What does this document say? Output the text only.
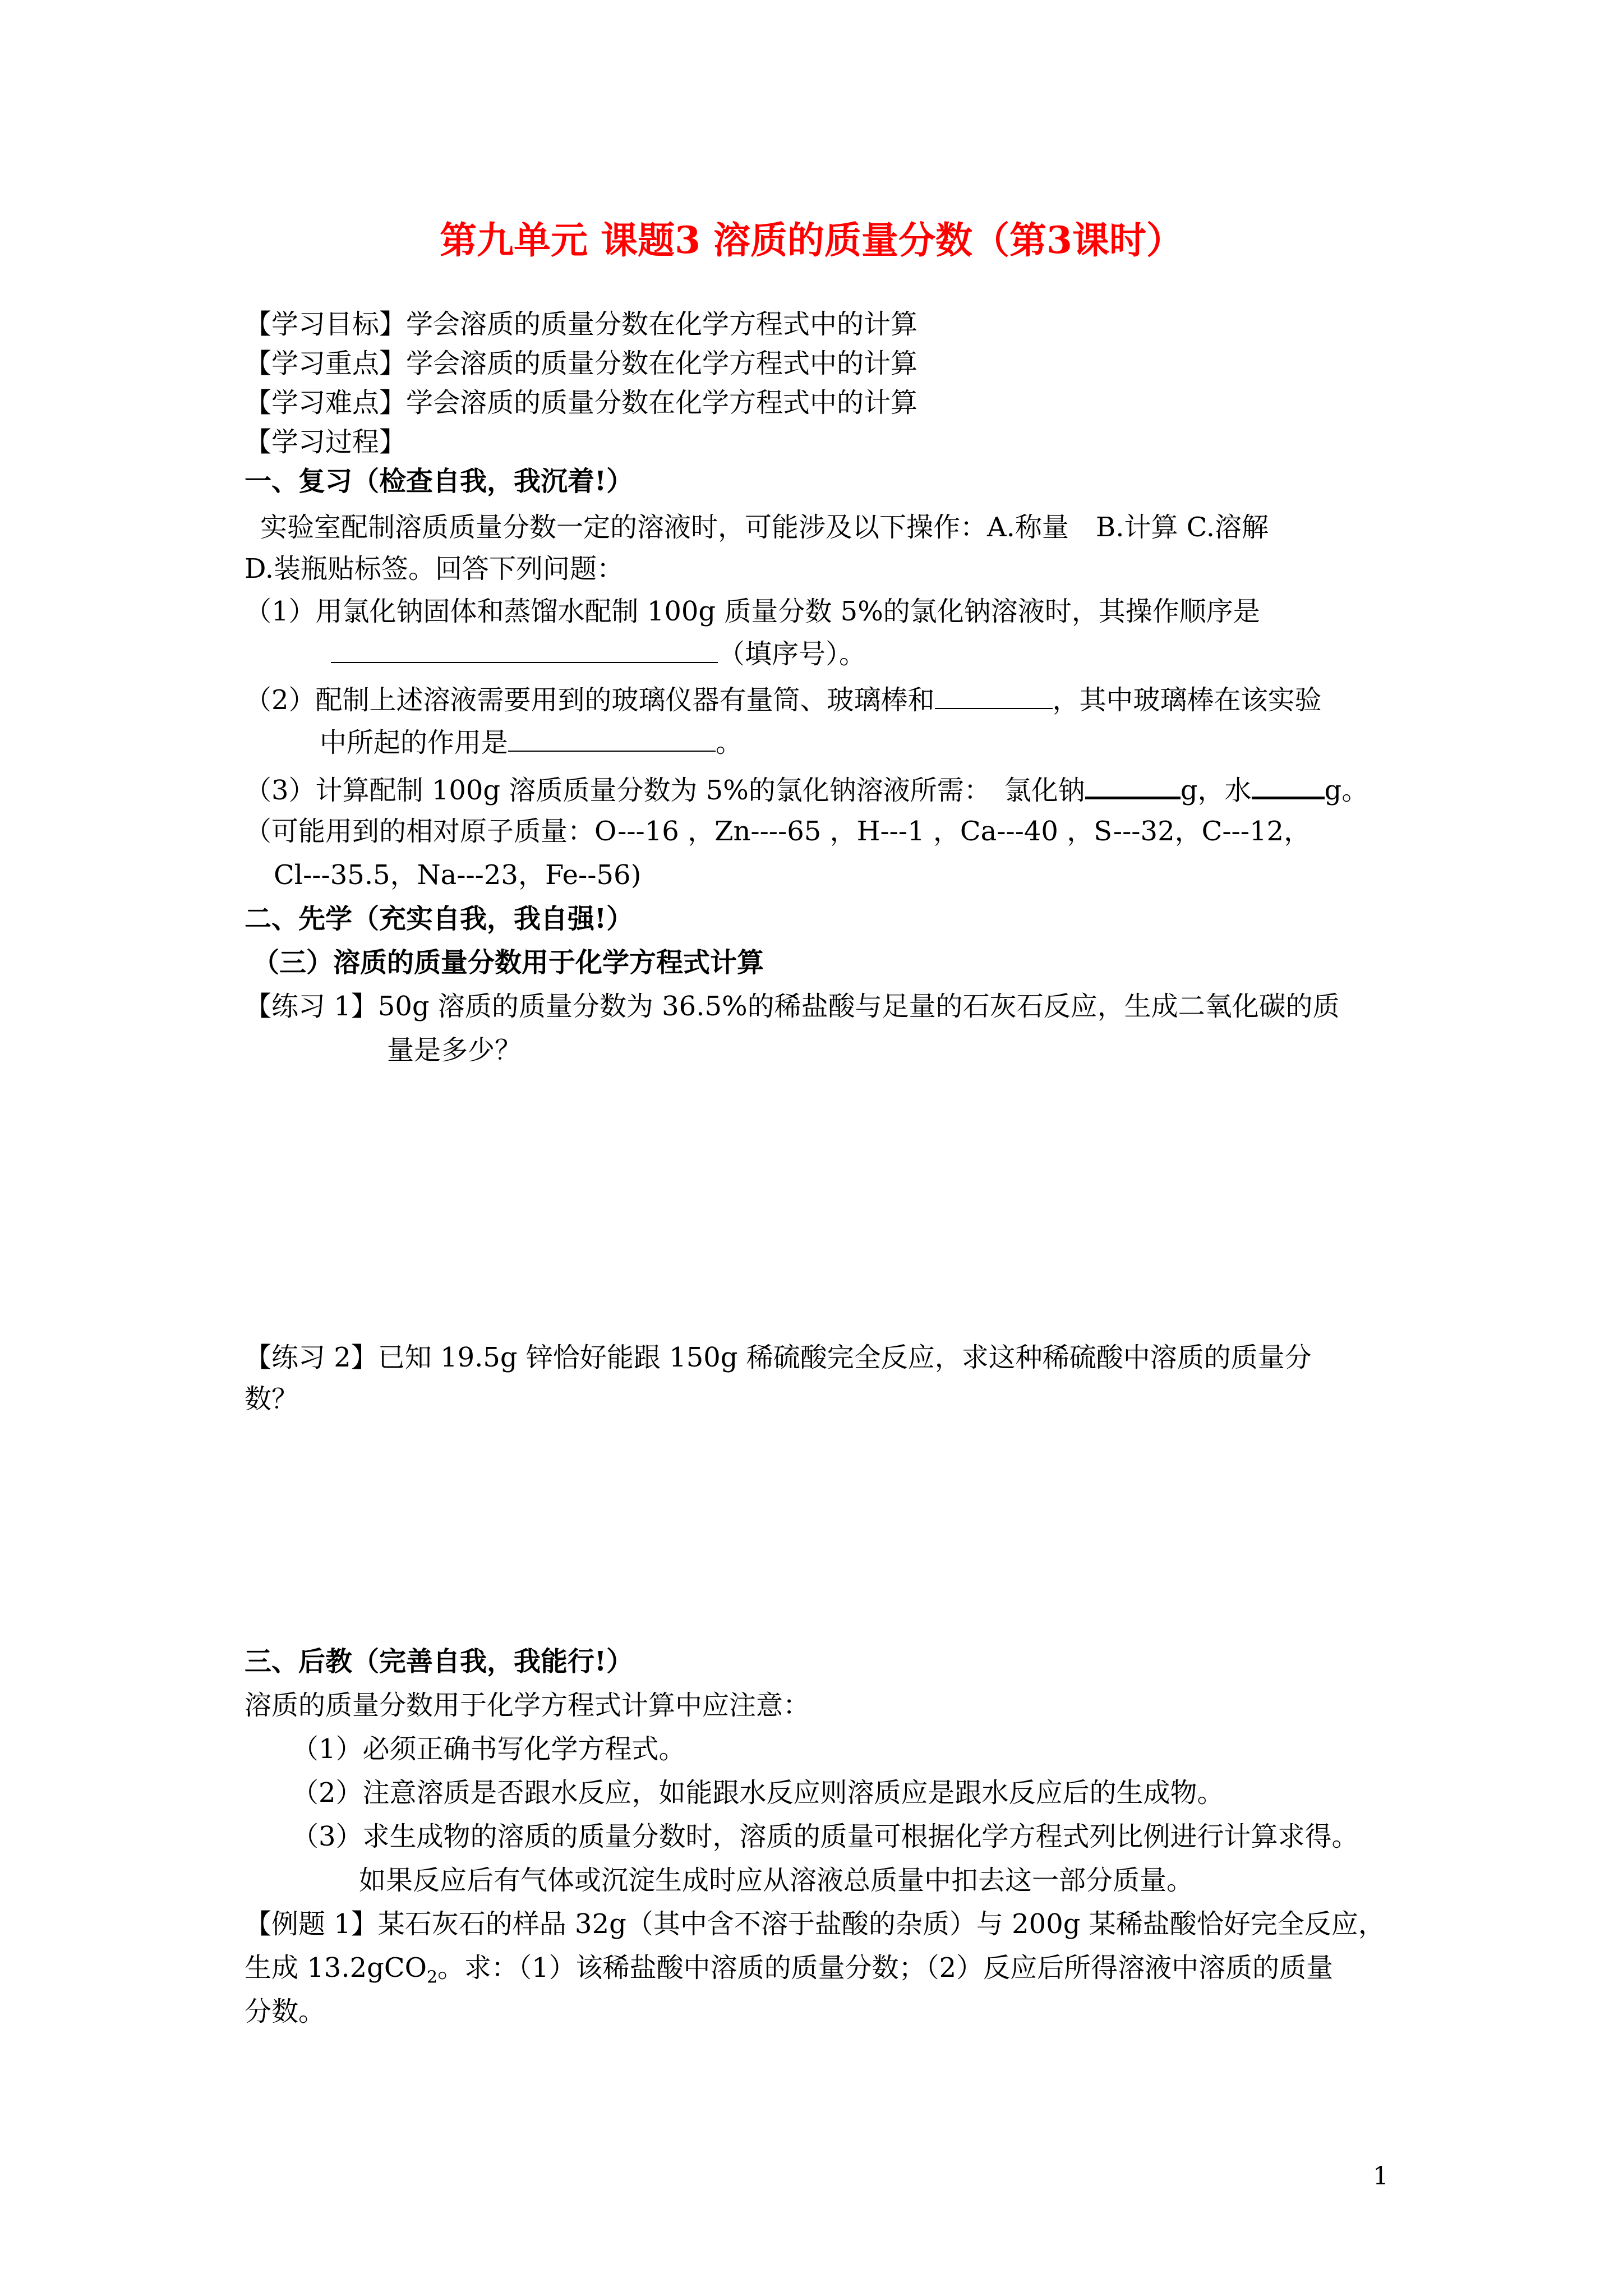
第九单元 课题3 溶质的质量分数（第3课时）
【学习目标】学会溶质的质量分数在化学方程式中的计算
【学习重点】学会溶质的质量分数在化学方程式中的计算
【学习难点】学会溶质的质量分数在化学方程式中的计算
【学习过程】
一、复习（检查自我，我沉着!）
实验室配制溶质质量分数一定的溶液时，可能涉及以下操作：A.称量　B.计算 C.溶解
D.装瓶贴标签。回答下列问题：
（1）用氯化钠固体和蒸馏水配制 100g 质量分数 5%的氯化钠溶液时，其操作顺序是
（填序号）。
（2）配制上述溶液需要用到的玻璃仪器有量筒、玻璃棒和	，其中玻璃棒在该实验
中所起的作用是	。
（3）计算配制 100g 溶质质量分数为 5%的氯化钠溶液所需：　氯化钠	g，水	g。
（可能用到的相对原子质量：O---16 ，Zn----65 ，H---1 ，Ca---40 ，S---32，C---12，
Cl---35.5，Na---23，Fe--56)
二、先学（充实自我，我自强!）
（三）溶质的质量分数用于化学方程式计算
【练习 1】50g 溶质的质量分数为 36.5%的稀盐酸与足量的石灰石反应，生成二氧化碳的质
量是多少？
【练习 2】已知 19.5g 锌恰好能跟 150g 稀硫酸完全反应，求这种稀硫酸中溶质的质量分
数？
三、后教（完善自我，我能行!）
溶质的质量分数用于化学方程式计算中应注意：
（1）必须正确书写化学方程式。
（2）注意溶质是否跟水反应，如能跟水反应则溶质应是跟水反应后的生成物。
（3）求生成物的溶质的质量分数时，溶质的质量可根据化学方程式列比例进行计算求得。
如果反应后有气体或沉淀生成时应从溶液总质量中扣去这一部分质量。
【例题 1】某石灰石的样品 32g（其中含不溶于盐酸的杂质）与 200g 某稀盐酸恰好完全反应，
生成 13.2gCO$_2$。求：（1）该稀盐酸中溶质的质量分数；（2）反应后所得溶液中溶质的质量
分数。
1
